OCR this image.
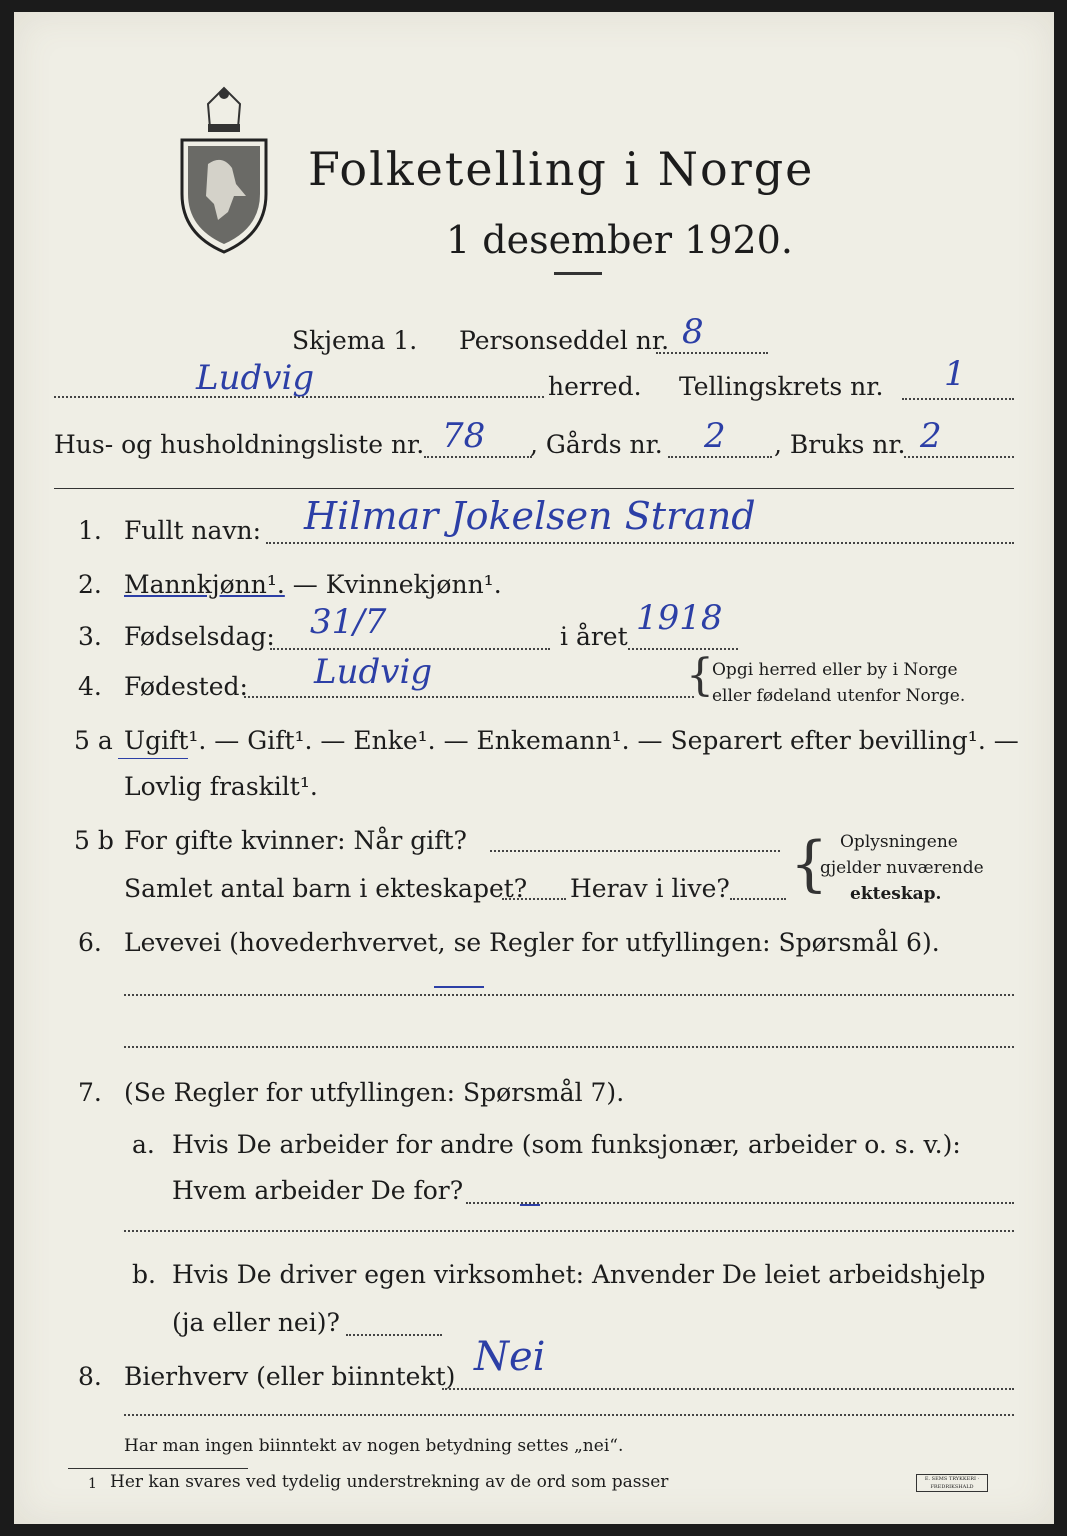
Folketelling i Norge
1 desember 1920.
Skjema 1. Personseddel nr. 8
Ludvig	herred. Tellingskrets nr. 1
Hus- og husholdningsliste nr. 78 , Gårds nr. 2 , Bruks nr. 2
1. Fullt navn: Hilmar Jokelsen Strand
2. Mannkjønn¹. — Kvinnekjønn¹.
3. Fødselsdag: 31/7	i året 1918
4. Fødested: Ludvig	{
Opgi herred eller by i Norge
eller fødeland utenfor Norge.
5 a Ugift¹. — Gift¹. — Enke¹. — Enkemann¹. — Separert efter bevilling¹. —
Lovlig fraskilt¹.
5 b For gifte kvinner: Når gift?
Samlet antal barn i ekteskapet? Herav i live? { Oplysningene
gjelder nuværende
ekteskap.
6. Levevei (hovederhvervet, se Regler for utfyllingen: Spørsmål 6).
7. (Se Regler for utfyllingen: Spørsmål 7).
a. Hvis De arbeider for andre (som funksjonær, arbeider o. s. v.):
Hvem arbeider De for?
b. Hvis De driver egen virksomhet: Anvender De leiet arbeidshjelp
(ja eller nei)?
8. Bierhverv (eller biinntekt) Nei
Har man ingen biinntekt av nogen betydning settes „nei“.
1 Her kan svares ved tydelig understrekning av de ord som passer	E. SEMS TRYKKERI · FREDRIKSHALD
